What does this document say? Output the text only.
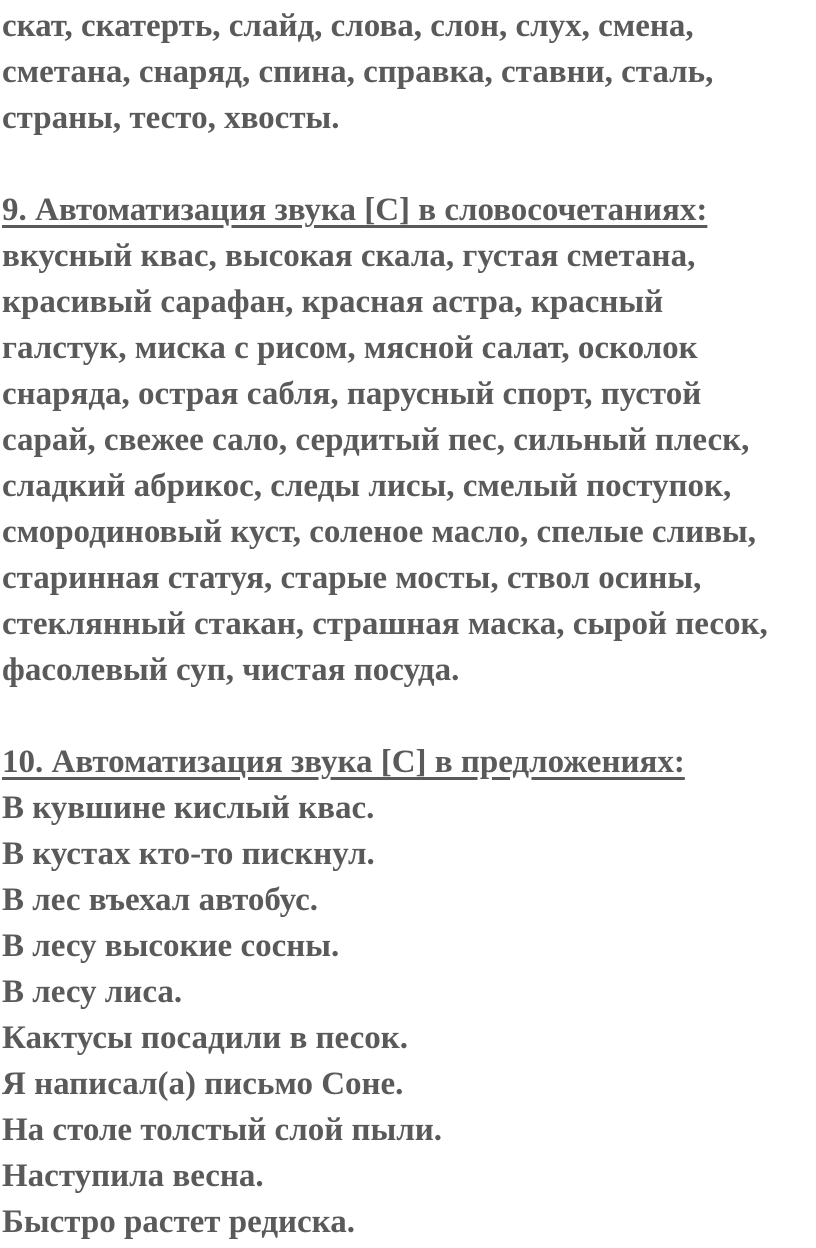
скат, скатерть, слайд, слова, слон, слух, смена,
сметана, снаряд, спина, справка, ставни, сталь,
страны, тесто, хвосты.
9. Автоматизация звука [С] в словосочетаниях:
вкусный квас, высокая скала, густая сметана,
красивый сарафан, красная астра, красный
галстук, миска с рисом, мясной салат, осколок
снаряда, острая сабля, парусный спорт, пустой
сарай, свежее сало, сердитый пес, сильный плеск,
сладкий абрикос, следы лисы, смелый поступок,
смородиновый куст, соленое масло, спелые сливы,
старинная статуя, старые мосты, ствол осины,
стеклянный стакан, страшная маска, сырой песок,
фасолевый суп, чистая посуда.
10. Автоматизация звука [С] в предложениях:
В кувшине кислый квас.
В кустах кто-то пискнул.
В лес въехал автобус.
В лесу высокие сосны.
В лесу лиса.
Кактусы посадили в песок.
Я написал(а) письмо Соне.
На столе толстый слой пыли.
Наступила весна.
Быстро растет редиска.
